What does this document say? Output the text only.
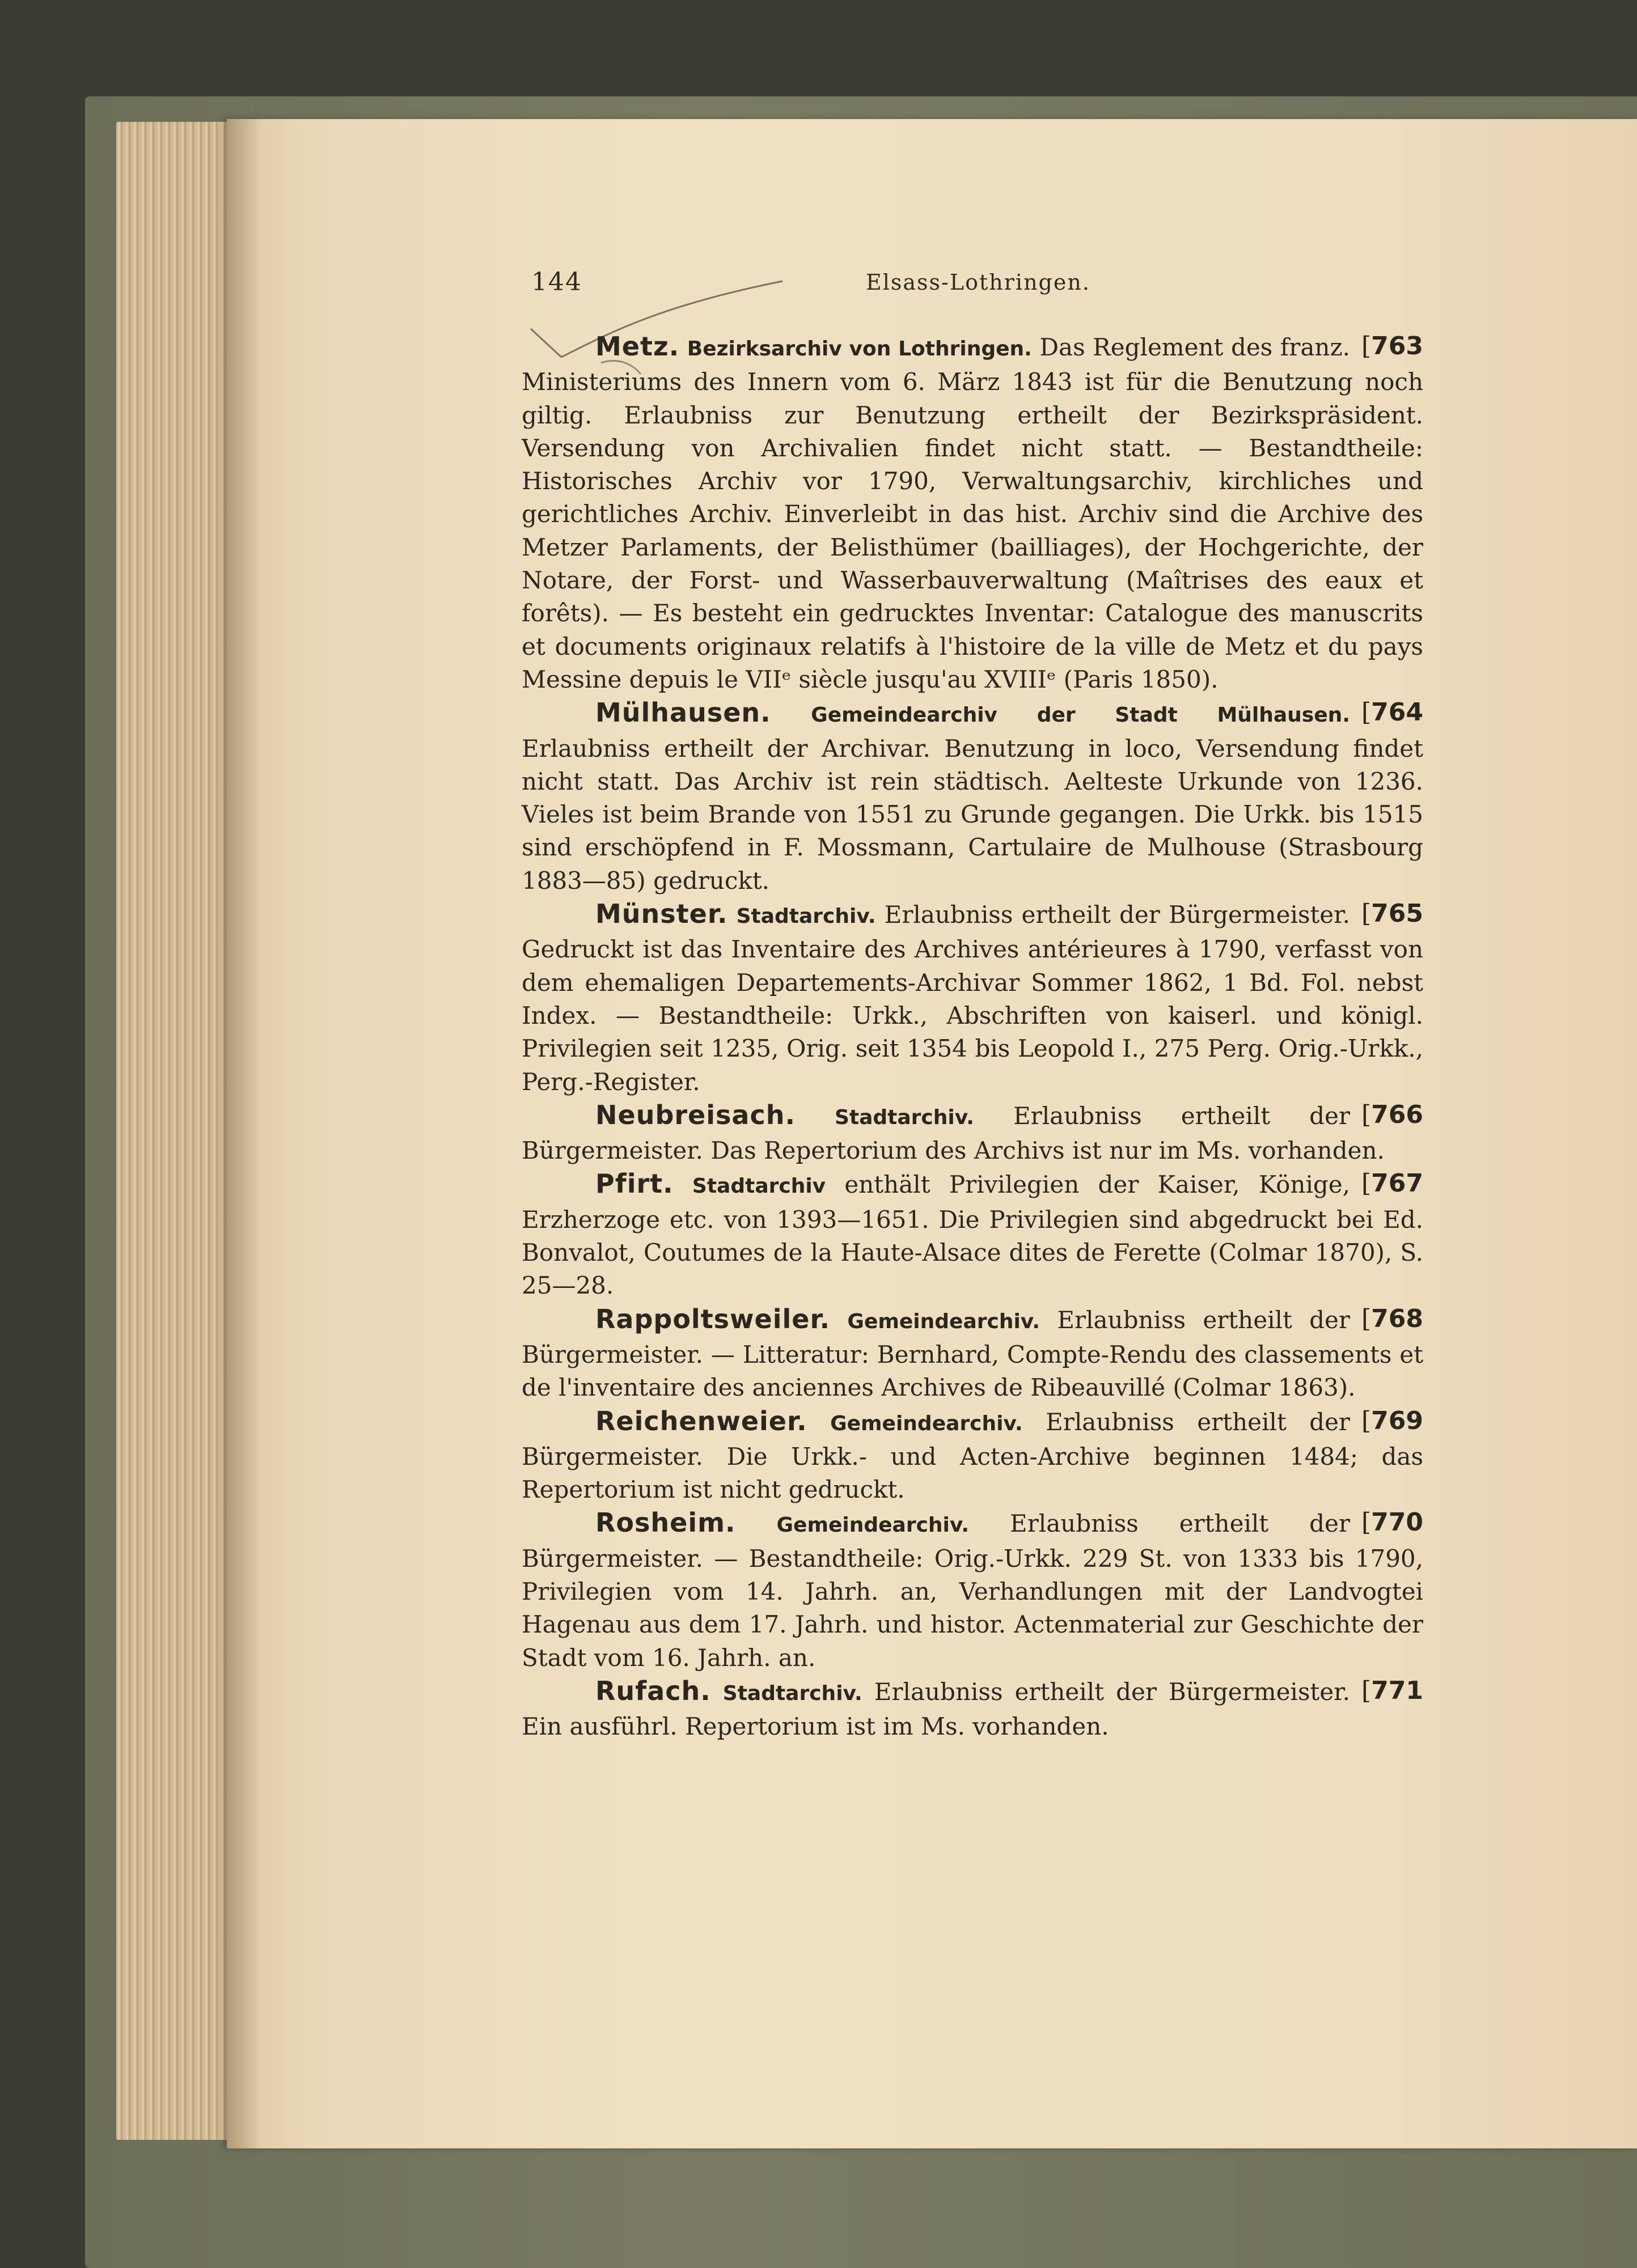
144	Elsass-Lothringen.

[763
Metz. Bezirksarchiv von Lothringen. Das Reglement des franz. Ministeriums des Innern vom 6. März 1843 ist für die Benutzung noch giltig. Erlaubniss zur Benutzung ertheilt der Bezirkspräsident. Versendung von Archivalien findet nicht statt. — Bestandtheile: Historisches Archiv vor 1790, Verwaltungsarchiv, kirchliches und gerichtliches Archiv. Einverleibt in das hist. Archiv sind die Archive des Metzer Parlaments, der Belisthümer (bailliages), der Hochgerichte, der Notare, der Forst- und Wasserbauverwaltung (Maîtrises des eaux et forêts). — Es besteht ein gedrucktes Inventar: Catalogue des manuscrits et documents originaux relatifs à l'histoire de la ville de Metz et du pays Messine depuis le VIIᵉ siècle jusqu'au XVIIIᵉ (Paris 1850).

[764
Mülhausen. Gemeindearchiv der Stadt Mülhausen. Erlaubniss ertheilt der Archivar. Benutzung in loco, Versendung findet nicht statt. Das Archiv ist rein städtisch. Aelteste Urkunde von 1236. Vieles ist beim Brande von 1551 zu Grunde gegangen. Die Urkk. bis 1515 sind erschöpfend in F. Mossmann, Cartulaire de Mulhouse (Strasbourg 1883—85) gedruckt.

[765
Münster. Stadtarchiv. Erlaubniss ertheilt der Bürgermeister. Gedruckt ist das Inventaire des Archives antérieures à 1790, verfasst von dem ehemaligen Departements-Archivar Sommer 1862, 1 Bd. Fol. nebst Index. — Bestandtheile: Urkk., Abschriften von kaiserl. und königl. Privilegien seit 1235, Orig. seit 1354 bis Leopold I., 275 Perg. Orig.-Urkk., Perg.-Register.

[766
Neubreisach. Stadtarchiv. Erlaubniss ertheilt der Bürgermeister. Das Repertorium des Archivs ist nur im Ms. vorhanden.

[767
Pfirt. Stadtarchiv enthält Privilegien der Kaiser, Könige, Erzherzoge etc. von 1393—1651. Die Privilegien sind abgedruckt bei Ed. Bonvalot, Coutumes de la Haute-Alsace dites de Ferette (Colmar 1870), S. 25—28.

[768
Rappoltsweiler. Gemeindearchiv. Erlaubniss ertheilt der Bürgermeister. — Litteratur: Bernhard, Compte-Rendu des classements et de l'inventaire des anciennes Archives de Ribeauvillé (Colmar 1863).

[769
Reichenweier. Gemeindearchiv. Erlaubniss ertheilt der Bürgermeister. Die Urkk.- und Acten-Archive beginnen 1484; das Repertorium ist nicht gedruckt.

[770
Rosheim. Gemeindearchiv. Erlaubniss ertheilt der Bürgermeister. — Bestandtheile: Orig.-Urkk. 229 St. von 1333 bis 1790, Privilegien vom 14. Jahrh. an, Verhandlungen mit der Landvogtei Hagenau aus dem 17. Jahrh. und histor. Actenmaterial zur Geschichte der Stadt vom 16. Jahrh. an.

[771
Rufach. Stadtarchiv. Erlaubniss ertheilt der Bürgermeister. Ein ausführl. Repertorium ist im Ms. vorhanden.
